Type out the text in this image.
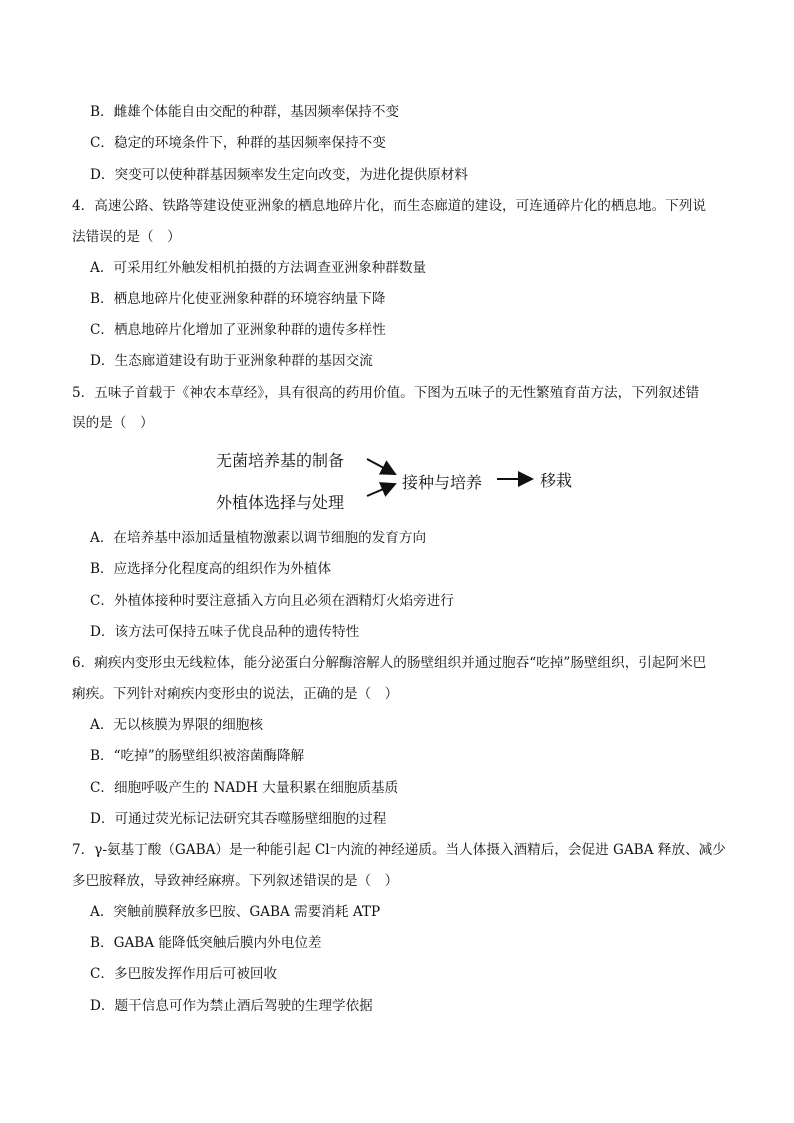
B．雌雄个体能自由交配的种群，基因频率保持不变
C．稳定的环境条件下，种群的基因频率保持不变
D．突变可以使种群基因频率发生定向改变，为进化提供原材料
4．高速公路、铁路等建设使亚洲象的栖息地碎片化，而生态廊道的建设，可连通碎片化的栖息地。下列说
法错误的是（　）
A．可采用红外触发相机拍摄的方法调查亚洲象种群数量
B．栖息地碎片化使亚洲象种群的环境容纳量下降
C．栖息地碎片化增加了亚洲象种群的遗传多样性
D．生态廊道建设有助于亚洲象种群的基因交流
5．五味子首载于《神农本草经》，具有很高的药用价值。下图为五味子的无性繁殖育苗方法，下列叙述错
误的是（　）
无菌培养基的制备
外植体选择与处理
接种与培养	移栽
A．在培养基中添加适量植物激素以调节细胞的发育方向
B．应选择分化程度高的组织作为外植体
C．外植体接种时要注意插入方向且必须在酒精灯火焰旁进行
D．该方法可保持五味子优良品种的遗传特性
6．痢疾内变形虫无线粒体，能分泌蛋白分解酶溶解人的肠壁组织并通过胞吞“吃掉”肠壁组织，引起阿米巴
痢疾。下列针对痢疾内变形虫的说法，正确的是（　）
A．无以核膜为界限的细胞核
B．“吃掉”的肠壁组织被溶菌酶降解
C．细胞呼吸产生的 NADH 大量积累在细胞质基质
D．可通过荧光标记法研究其吞噬肠壁细胞的过程
7．γ-氨基丁酸（GABA）是一种能引起 Cl⁻内流的神经递质。当人体摄入酒精后，会促进 GABA 释放、减少
多巴胺释放，导致神经麻痹。下列叙述错误的是（　）
A．突触前膜释放多巴胺、GABA 需要消耗 ATP
B．GABA 能降低突触后膜内外电位差
C．多巴胺发挥作用后可被回收
D．题干信息可作为禁止酒后驾驶的生理学依据
